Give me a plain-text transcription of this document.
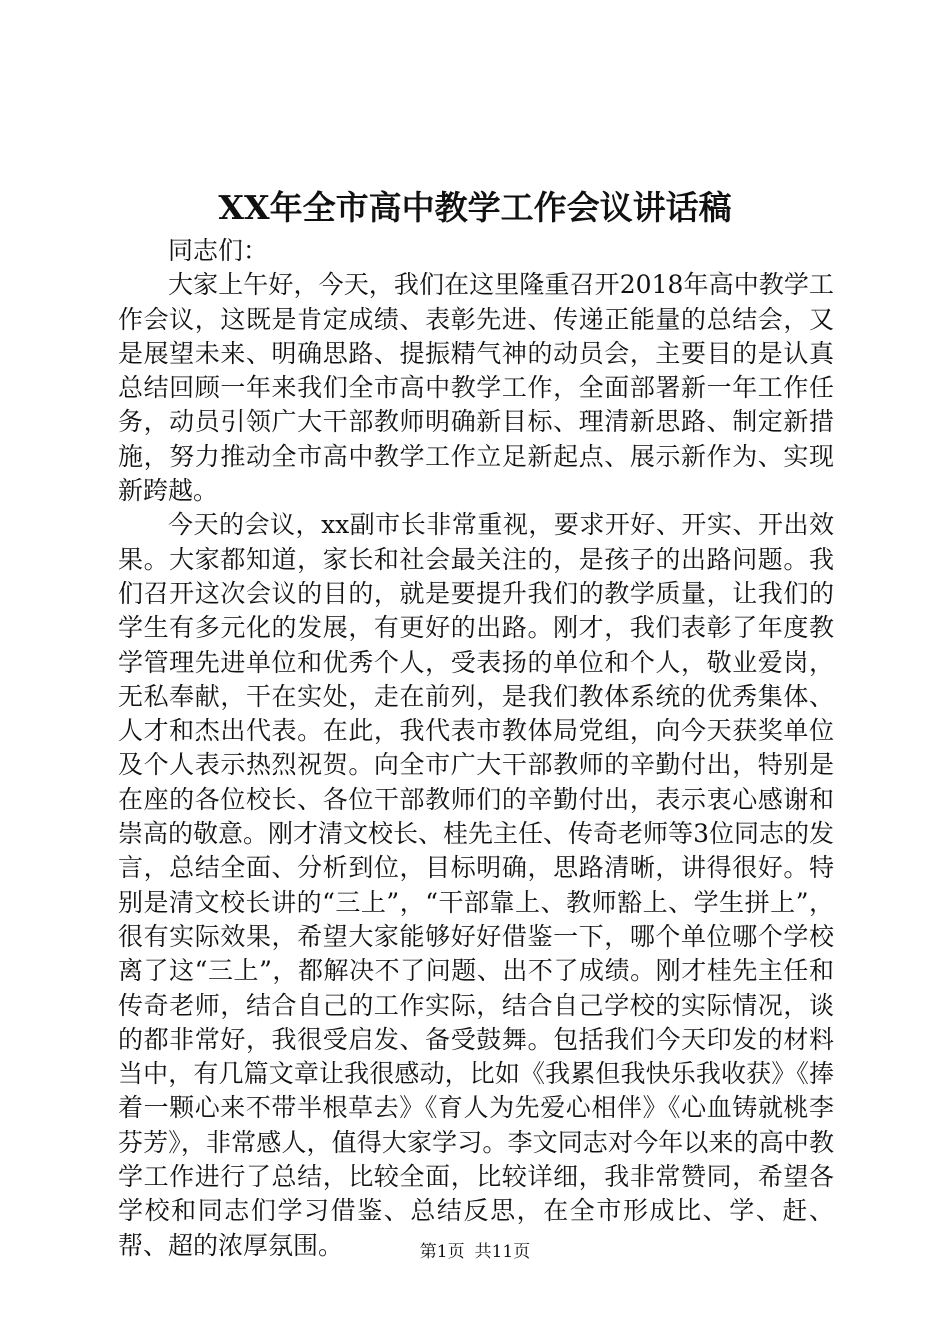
XX年全市高中教学工作会议讲话稿

同志们：

大家上午好，今天，我们在这里隆重召开2018年高中教学工作会议，这既是肯定成绩、表彰先进、传递正能量的总结会，又是展望未来、明确思路、提振精气神的动员会，主要目的是认真总结回顾一年来我们全市高中教学工作，全面部署新一年工作任务，动员引领广大干部教师明确新目标、理清新思路、制定新措施，努力推动全市高中教学工作立足新起点、展示新作为、实现新跨越。

今天的会议，xx副市长非常重视，要求开好、开实、开出效果。大家都知道，家长和社会最关注的，是孩子的出路问题。我们召开这次会议的目的，就是要提升我们的教学质量，让我们的学生有多元化的发展，有更好的出路。刚才，我们表彰了年度教学管理先进单位和优秀个人，受表扬的单位和个人，敬业爱岗，无私奉献，干在实处，走在前列，是我们教体系统的优秀集体、人才和杰出代表。在此，我代表市教体局党组，向今天获奖单位及个人表示热烈祝贺。向全市广大干部教师的辛勤付出，特别是在座的各位校长、各位干部教师们的辛勤付出，表示衷心感谢和崇高的敬意。刚才清文校长、桂先主任、传奇老师等3位同志的发言，总结全面、分析到位，目标明确，思路清晰，讲得很好。特别是清文校长讲的“三上”，“干部靠上、教师豁上、学生拼上”，很有实际效果，希望大家能够好好借鉴一下，哪个单位哪个学校离了这“三上”，都解决不了问题、出不了成绩。刚才桂先主任和传奇老师，结合自己的工作实际，结合自己学校的实际情况，谈的都非常好，我很受启发、备受鼓舞。包括我们今天印发的材料当中，有几篇文章让我很感动，比如《我累但我快乐我收获》《捧着一颗心来不带半根草去》《育人为先爱心相伴》《心血铸就桃李芬芳》，非常感人，值得大家学习。李文同志对今年以来的高中教学工作进行了总结，比较全面，比较详细，我非常赞同，希望各学校和同志们学习借鉴、总结反思，在全市形成比、学、赶、帮、超的浓厚氛围。	第1页 共11页
